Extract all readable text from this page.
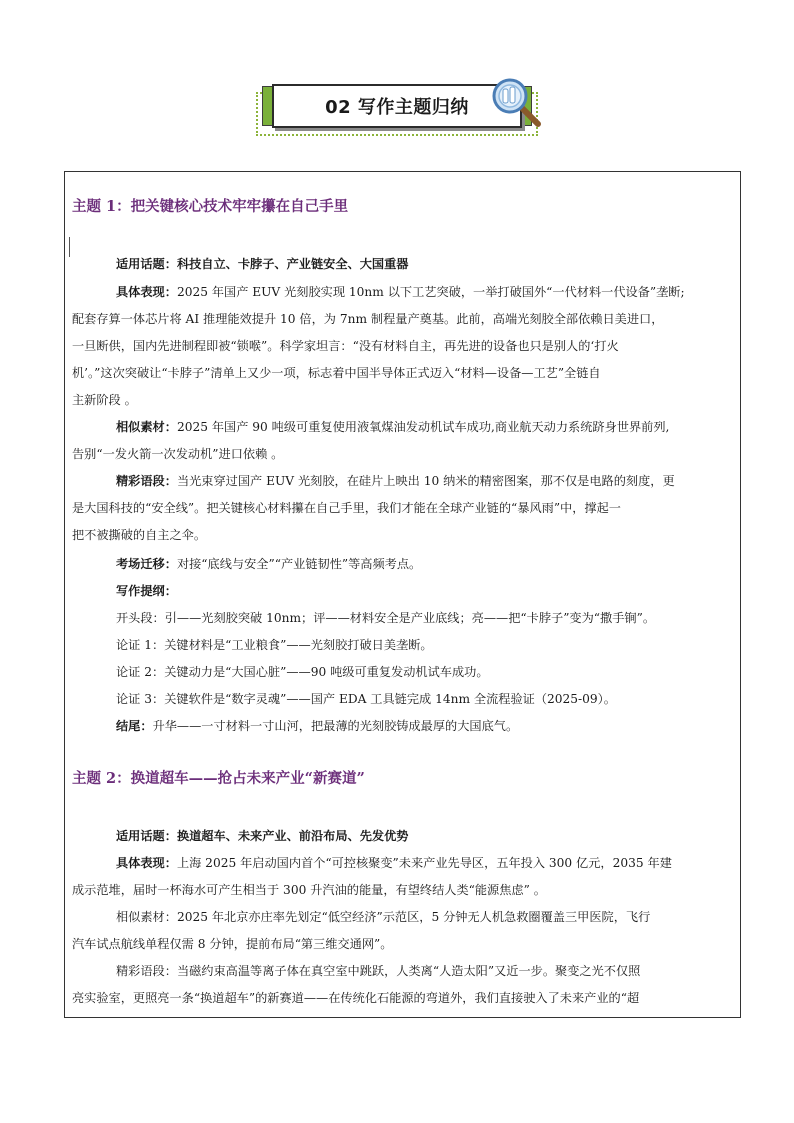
02 写作主题归纳
主题 1：把关键核心技术牢牢攥在自己手里
适用话题：科技自立、卡脖子、产业链安全、大国重器
具体表现：2025 年国产 EUV 光刻胶实现 10nm 以下工艺突破，一举打破国外“一代材料一代设备”垄断;
配套存算一体芯片将 AI 推理能效提升 10 倍，为 7nm 制程量产奠基。此前，高端光刻胶全部依赖日美进口，
一旦断供，国内先进制程即被“锁喉”。科学家坦言：“没有材料自主，再先进的设备也只是别人的‘打火
机’。”这次突破让“卡脖子”清单上又少一项，标志着中国半导体正式迈入“材料—设备—工艺”全链自
主新阶段 。
相似素材：2025 年国产 90 吨级可重复使用液氧煤油发动机试车成功,商业航天动力系统跻身世界前列,
告别“一发火箭一次发动机”进口依赖 。
精彩语段：当光束穿过国产 EUV 光刻胶，在硅片上映出 10 纳米的精密图案，那不仅是电路的刻度，更
是大国科技的“安全线”。把关键核心材料攥在自己手里，我们才能在全球产业链的“暴风雨”中，撑起一
把不被撕破的自主之伞。
考场迁移：对接“底线与安全”“产业链韧性”等高频考点。
写作提纲：
开头段：引——光刻胶突破 10nm；评——材料安全是产业底线；亮——把“卡脖子”变为“撒手锏”。
论证 1：关键材料是“工业粮食”——光刻胶打破日美垄断。
论证 2：关键动力是“大国心脏”——90 吨级可重复发动机试车成功。
论证 3：关键软件是“数字灵魂”——国产 EDA 工具链完成 14nm 全流程验证（2025-09）。
结尾：升华——一寸材料一寸山河，把最薄的光刻胶铸成最厚的大国底气。
主题 2：换道超车——抢占未来产业“新赛道”
适用话题：换道超车、未来产业、前沿布局、先发优势
具体表现：上海 2025 年启动国内首个“可控核聚变”未来产业先导区，五年投入 300 亿元，2035 年建
成示范堆，届时一杯海水可产生相当于 300 升汽油的能量，有望终结人类“能源焦虑” 。
相似素材：2025 年北京亦庄率先划定“低空经济”示范区，5 分钟无人机急救圈覆盖三甲医院，飞行
汽车试点航线单程仅需 8 分钟，提前布局“第三维交通网”。
精彩语段：当磁约束高温等离子体在真空室中跳跃，人类离“人造太阳”又近一步。聚变之光不仅照
亮实验室，更照亮一条“换道超车”的新赛道——在传统化石能源的弯道外，我们直接驶入了未来产业的“超
